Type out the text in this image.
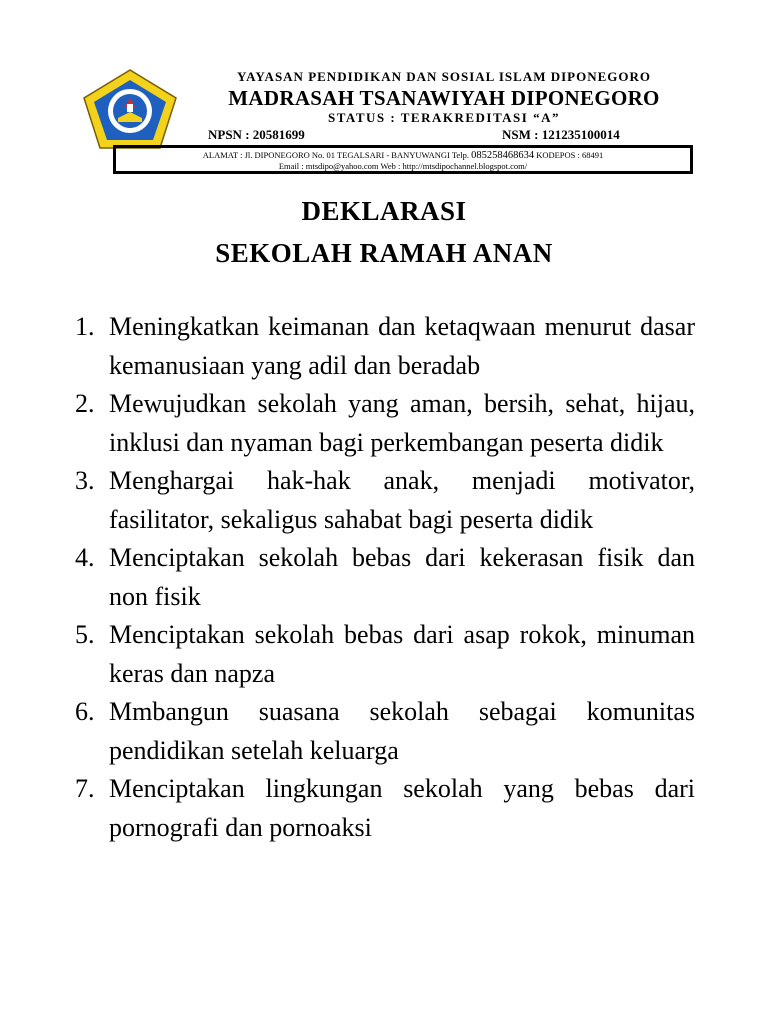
YAYASAN PENDIDIKAN DAN SOSIAL ISLAM DIPONEGORO
MADRASAH TSANAWIYAH DIPONEGORO
STATUS : TERAKREDITASI “A”
NPSN : 20581699	NSM : 121235100014
ALAMAT : Jl. DIPONEGORO No. 01 TEGALSARI - BANYUWANGI Telp. 085258468634 KODEPOS : 68491
Email : mtsdipo@yahoo.com Web : http://mtsdipochannel.blogspot.com/
DEKLARASI
SEKOLAH RAMAH ANAN
1. Meningkatkan keimanan dan ketaqwaan menurut dasar kemanusiaan yang adil dan beradab
2. Mewujudkan sekolah yang aman, bersih, sehat, hijau, inklusi dan nyaman bagi perkembangan peserta didik
3. Menghargai hak-hak anak, menjadi motivator, fasilitator, sekaligus sahabat bagi peserta didik
4. Menciptakan sekolah bebas dari kekerasan fisik dan non fisik
5. Menciptakan sekolah bebas dari asap rokok, minuman keras dan napza
6. Mmbangun suasana sekolah sebagai komunitas pendidikan setelah keluarga
7. Menciptakan lingkungan sekolah yang bebas dari pornografi dan pornoaksi
